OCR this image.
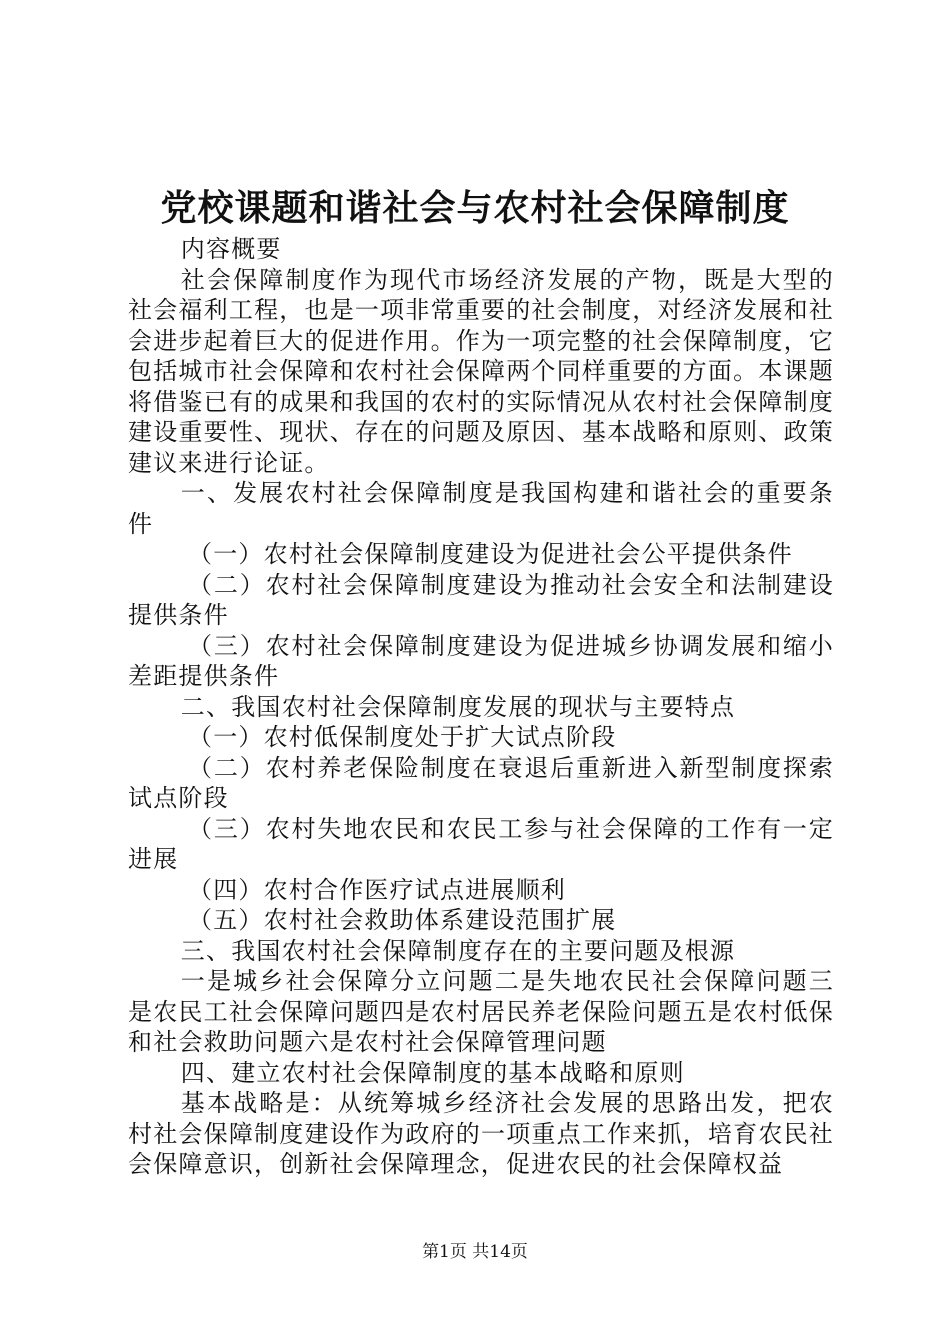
党校课题和谐社会与农村社会保障制度

内容概要

社会保障制度作为现代市场经济发展的产物，既是大型的社会福利工程，也是一项非常重要的社会制度，对经济发展和社会进步起着巨大的促进作用。作为一项完整的社会保障制度，它包括城市社会保障和农村社会保障两个同样重要的方面。本课题将借鉴已有的成果和我国的农村的实际情况从农村社会保障制度建设重要性、现状、存在的问题及原因、基本战略和原则、政策建议来进行论证。

一、发展农村社会保障制度是我国构建和谐社会的重要条件

（一）农村社会保障制度建设为促进社会公平提供条件

（二）农村社会保障制度建设为推动社会安全和法制建设提供条件

（三）农村社会保障制度建设为促进城乡协调发展和缩小差距提供条件

二、我国农村社会保障制度发展的现状与主要特点

（一）农村低保制度处于扩大试点阶段

（二）农村养老保险制度在衰退后重新进入新型制度探索试点阶段

（三）农村失地农民和农民工参与社会保障的工作有一定进展

（四）农村合作医疗试点进展顺利

（五）农村社会救助体系建设范围扩展

三、我国农村社会保障制度存在的主要问题及根源

一是城乡社会保障分立问题二是失地农民社会保障问题三是农民工社会保障问题四是农村居民养老保险问题五是农村低保和社会救助问题六是农村社会保障管理问题

四、建立农村社会保障制度的基本战略和原则

基本战略是：从统筹城乡经济社会发展的思路出发，把农村社会保障制度建设作为政府的一项重点工作来抓，培育农民社会保障意识，创新社会保障理念，促进农民的社会保障权益

第1页 共14页
